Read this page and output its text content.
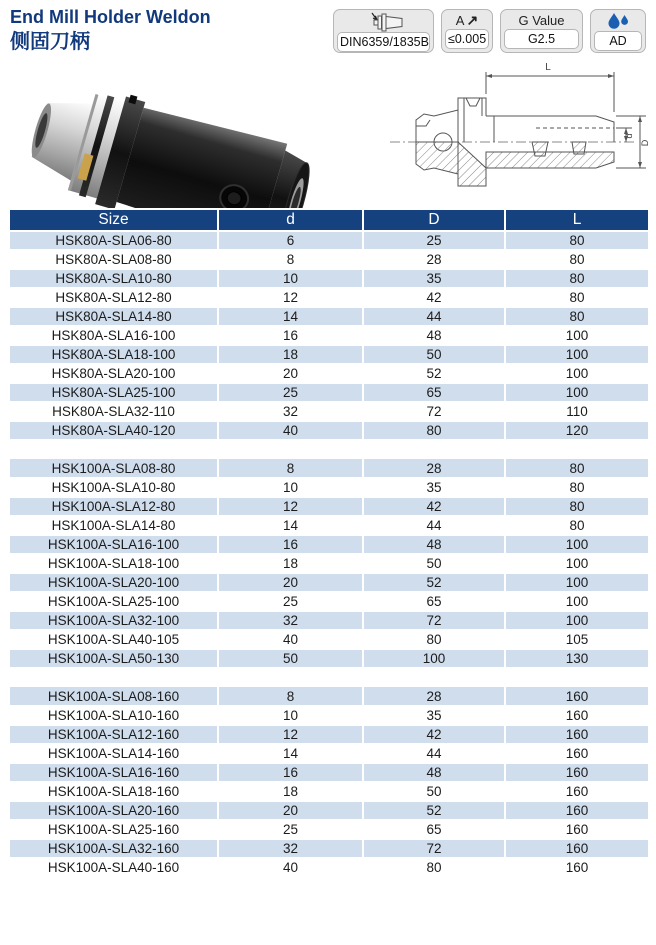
End Mill Holder Weldon
侧固刀柄	DIN6359/1835B
A ↗
≤0.005
G Value
G2.5	AD
L
d
D
Size	d	D	L
HSK80A-SLA06-80	6	25	80
HSK80A-SLA08-80	8	28	80
HSK80A-SLA10-80	10	35	80
HSK80A-SLA12-80	12	42	80
HSK80A-SLA14-80	14	44	80
HSK80A-SLA16-100	16	48	100
HSK80A-SLA18-100	18	50	100
HSK80A-SLA20-100	20	52	100
HSK80A-SLA25-100	25	65	100
HSK80A-SLA32-110	32	72	110
HSK80A-SLA40-120	40	80	120

HSK100A-SLA08-80	8	28	80
HSK100A-SLA10-80	10	35	80
HSK100A-SLA12-80	12	42	80
HSK100A-SLA14-80	14	44	80
HSK100A-SLA16-100	16	48	100
HSK100A-SLA18-100	18	50	100
HSK100A-SLA20-100	20	52	100
HSK100A-SLA25-100	25	65	100
HSK100A-SLA32-100	32	72	100
HSK100A-SLA40-105	40	80	105
HSK100A-SLA50-130	50	100	130

HSK100A-SLA08-160	8	28	160
HSK100A-SLA10-160	10	35	160
HSK100A-SLA12-160	12	42	160
HSK100A-SLA14-160	14	44	160
HSK100A-SLA16-160	16	48	160
HSK100A-SLA18-160	18	50	160
HSK100A-SLA20-160	20	52	160
HSK100A-SLA25-160	25	65	160
HSK100A-SLA32-160	32	72	160
HSK100A-SLA40-160	40	80	160
